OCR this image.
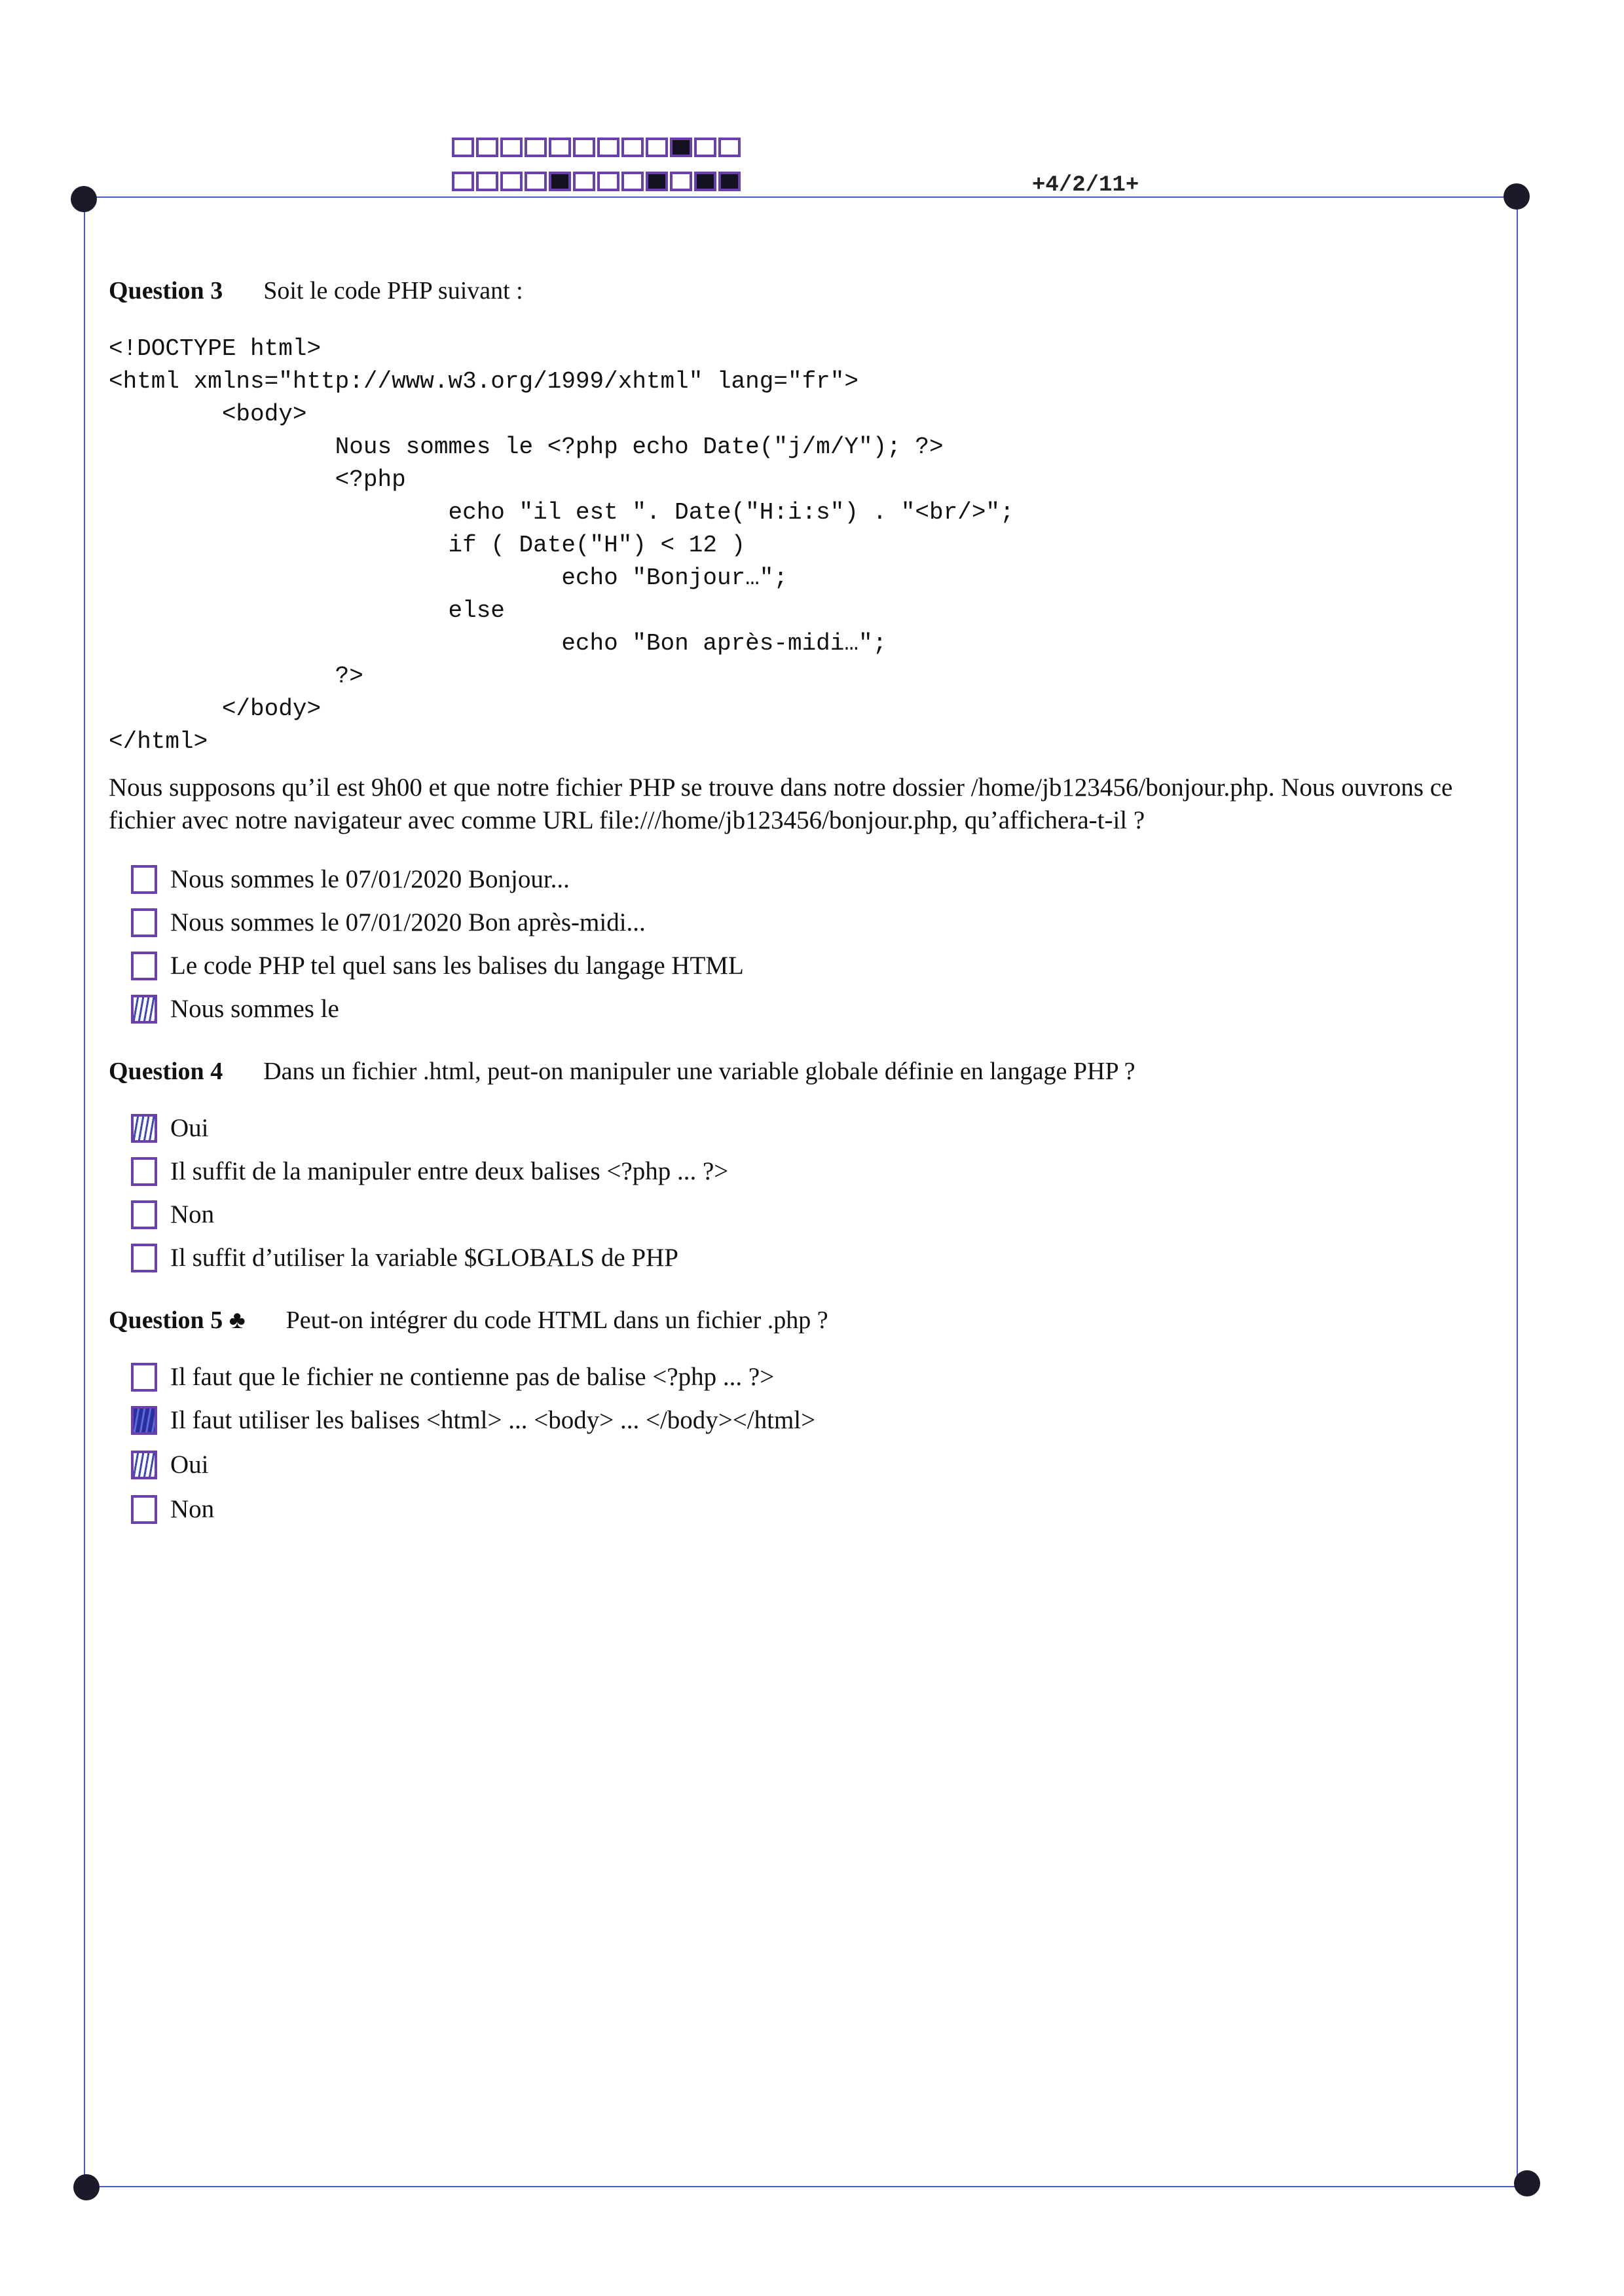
+4/2/11+
Question 3 Soit le code PHP suivant :
<!DOCTYPE html>
<html xmlns="http://www.w3.org/1999/xhtml" lang="fr">
<body>
Nous sommes le <?php echo Date("j/m/Y"); ?>
<?php
echo "il est ". Date("H:i:s") . "<br/>";
if ( Date("H") < 12 )
echo "Bonjour…";
else
echo "Bon après-midi…";
?>
</body>
</html>
Nous supposons qu’il est 9h00 et que notre fichier PHP se trouve dans notre dossier /home/jb123456/bonjour.php. Nous ouvrons ce fichier avec notre navigateur avec comme URL file:///home/jb123456/bonjour.php, qu’affichera-t-il ?
Nous sommes le 07/01/2020 Bonjour...
Nous sommes le 07/01/2020 Bon après-midi...
Le code PHP tel quel sans les balises du langage HTML
Nous sommes le
Question 4 Dans un fichier .html, peut-on manipuler une variable globale définie en langage PHP ?
Oui
Il suffit de la manipuler entre deux balises <?php ... ?>
Non
Il suffit d’utiliser la variable $GLOBALS de PHP
Question 5 ♣ Peut-on intégrer du code HTML dans un fichier .php ?
Il faut que le fichier ne contienne pas de balise <?php ... ?>
Il faut utiliser les balises <html> ... <body> ... </body></html>
Oui
Non
